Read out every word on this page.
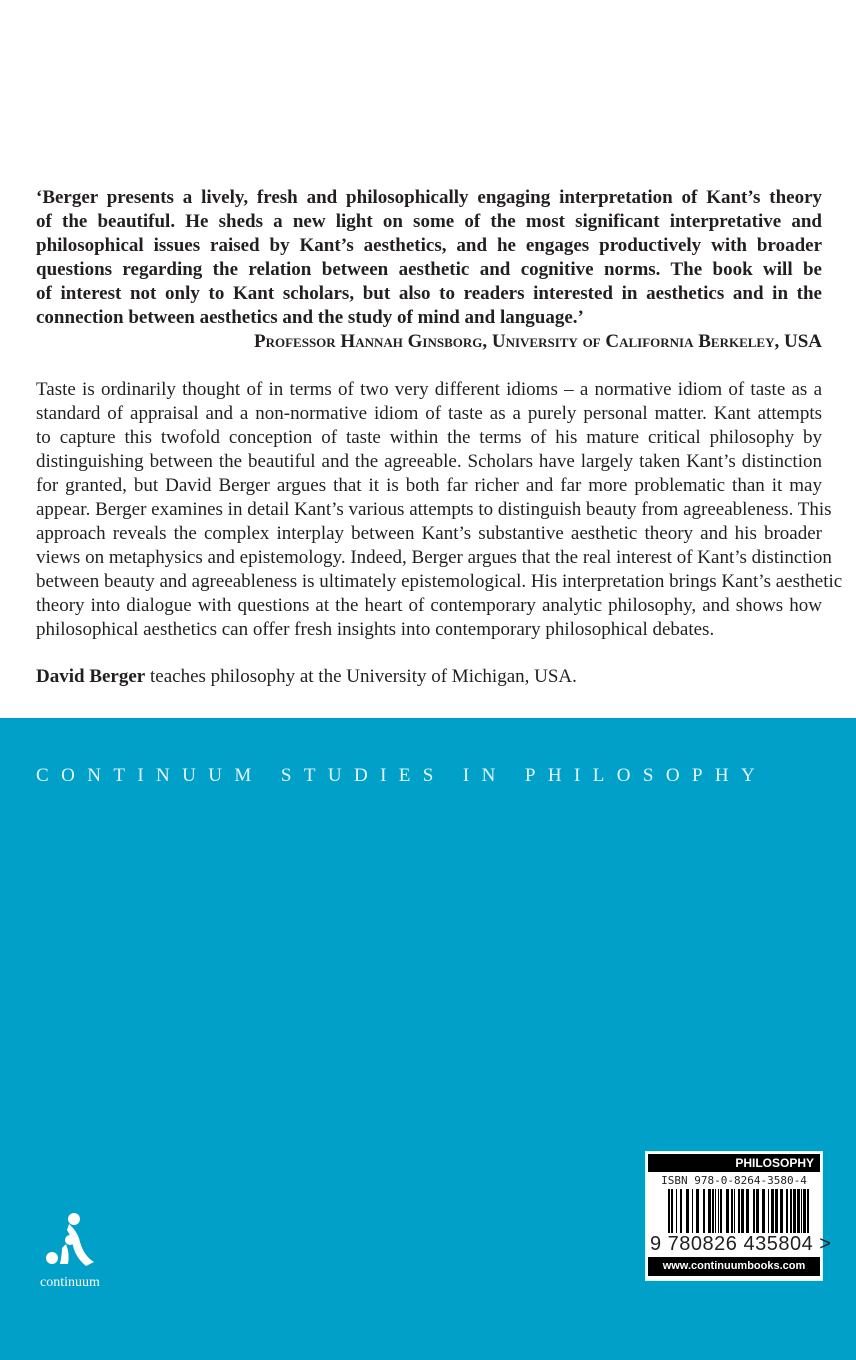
‘Berger presents a lively, fresh and philosophically engaging interpretation of Kant’s theory
of the beautiful. He sheds a new light on some of the most significant interpretative and
philosophical issues raised by Kant’s aesthetics, and he engages productively with broader
questions regarding the relation between aesthetic and cognitive norms. The book will be
of interest not only to Kant scholars, but also to readers interested in aesthetics and in the
connection between aesthetics and the study of mind and language.’
Professor Hannah Ginsborg, University of California Berkeley, USA
Taste is ordinarily thought of in terms of two very different idioms – a normative idiom of taste as a
standard of appraisal and a non-normative idiom of taste as a purely personal matter. Kant attempts
to capture this twofold conception of taste within the terms of his mature critical philosophy by
distinguishing between the beautiful and the agreeable. Scholars have largely taken Kant’s distinction
for granted, but David Berger argues that it is both far richer and far more problematic than it may
appear. Berger examines in detail Kant’s various attempts to distinguish beauty from agreeableness. This
approach reveals the complex interplay between Kant’s substantive aesthetic theory and his broader
views on metaphysics and epistemology. Indeed, Berger argues that the real interest of Kant’s distinction
between beauty and agreeableness is ultimately epistemological. His interpretation brings Kant’s aesthetic
theory into dialogue with questions at the heart of contemporary analytic philosophy, and shows how
philosophical aesthetics can offer fresh insights into contemporary philosophical debates.
David Berger teaches philosophy at the University of Michigan, USA.
CONTINUUM STUDIES IN PHILOSOPHY
continuum
PHILOSOPHY
ISBN 978-0-8264-3580-4
9 780826 435804 >
www.continuumbooks.com
